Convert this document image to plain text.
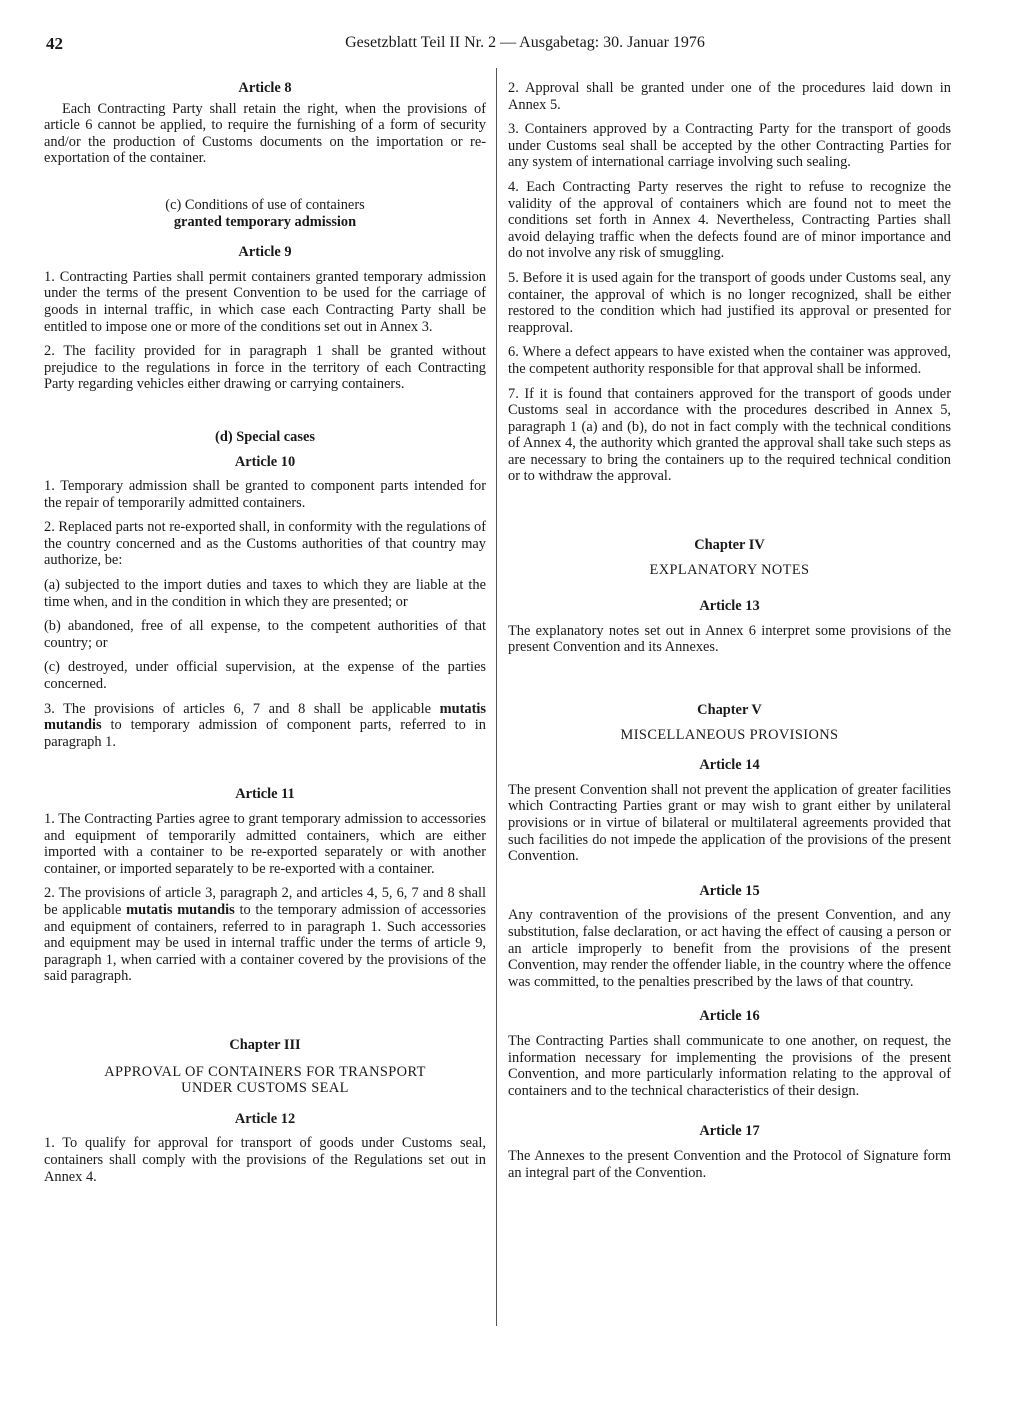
42	Gesetzblatt Teil II Nr. 2 — Ausgabetag: 30. Januar 1976
Article 8

Each Contracting Party shall retain the right, when the provisions of article 6 cannot be applied, to require the furnishing of a form of security and/or the production of Customs documents on the importation or re-exportation of the container.

(c) Conditions of use of containers
granted temporary admission
Article 9

1. Contracting Parties shall permit containers granted temporary admission under the terms of the present Convention to be used for the carriage of goods in internal traffic, in which case each Contracting Party shall be entitled to impose one or more of the conditions set out in Annex 3.

2. The facility provided for in paragraph 1 shall be granted without prejudice to the regulations in force in the territory of each Contracting Party regarding vehicles either drawing or carrying containers.

(d) Special cases
Article 10

1. Temporary admission shall be granted to component parts intended for the repair of temporarily admitted containers.

2. Replaced parts not re-exported shall, in conformity with the regulations of the country concerned and as the Customs authorities of that country may authorize, be:

(a) subjected to the import duties and taxes to which they are liable at the time when, and in the condition in which they are presented; or

(b) abandoned, free of all expense, to the competent authorities of that country; or

(c) destroyed, under official supervision, at the expense of the parties concerned.

3. The provisions of articles 6, 7 and 8 shall be applicable mutatis mutandis to temporary admission of component parts, referred to in paragraph 1.

Article 11

1. The Contracting Parties agree to grant temporary admission to accessories and equipment of temporarily admitted containers, which are either imported with a container to be re-exported separately or with another container, or imported separately to be re-exported with a container.

2. The provisions of article 3, paragraph 2, and articles 4, 5, 6, 7 and 8 shall be applicable mutatis mutandis to the temporary admission of accessories and equipment of containers, referred to in paragraph 1. Such accessories and equipment may be used in internal traffic under the terms of article 9, paragraph 1, when carried with a container covered by the provisions of the said paragraph.

Chapter III
APPROVAL OF CONTAINERS FOR TRANSPORT
UNDER CUSTOMS SEAL
Article 12

1. To qualify for approval for transport of goods under Customs seal, containers shall comply with the provisions of the Regulations set out in Annex 4.

2. Approval shall be granted under one of the procedures laid down in Annex 5.

3. Containers approved by a Contracting Party for the transport of goods under Customs seal shall be accepted by the other Contracting Parties for any system of international carriage involving such sealing.

4. Each Contracting Party reserves the right to refuse to recognize the validity of the approval of containers which are found not to meet the conditions set forth in Annex 4. Nevertheless, Contracting Parties shall avoid delaying traffic when the defects found are of minor importance and do not involve any risk of smuggling.

5. Before it is used again for the transport of goods under Customs seal, any container, the approval of which is no longer recognized, shall be either restored to the condition which had justified its approval or presented for reapproval.

6. Where a defect appears to have existed when the container was approved, the competent authority responsible for that approval shall be informed.

7. If it is found that containers approved for the transport of goods under Customs seal in accordance with the procedures described in Annex 5, paragraph 1 (a) and (b), do not in fact comply with the technical conditions of Annex 4, the authority which granted the approval shall take such steps as are necessary to bring the containers up to the required technical condition or to withdraw the approval.

Chapter IV
EXPLANATORY NOTES
Article 13

The explanatory notes set out in Annex 6 interpret some provisions of the present Convention and its Annexes.

Chapter V
MISCELLANEOUS PROVISIONS
Article 14

The present Convention shall not prevent the application of greater facilities which Contracting Parties grant or may wish to grant either by unilateral provisions or in virtue of bilateral or multilateral agreements provided that such facilities do not impede the application of the provisions of the present Convention.

Article 15

Any contravention of the provisions of the present Convention, and any substitution, false declaration, or act having the effect of causing a person or an article improperly to benefit from the provisions of the present Convention, may render the offender liable, in the country where the offence was committed, to the penalties prescribed by the laws of that country.

Article 16

The Contracting Parties shall communicate to one another, on request, the information necessary for implementing the provisions of the present Convention, and more particularly information relating to the approval of containers and to the technical characteristics of their design.

Article 17

The Annexes to the present Convention and the Protocol of Signature form an integral part of the Convention.
